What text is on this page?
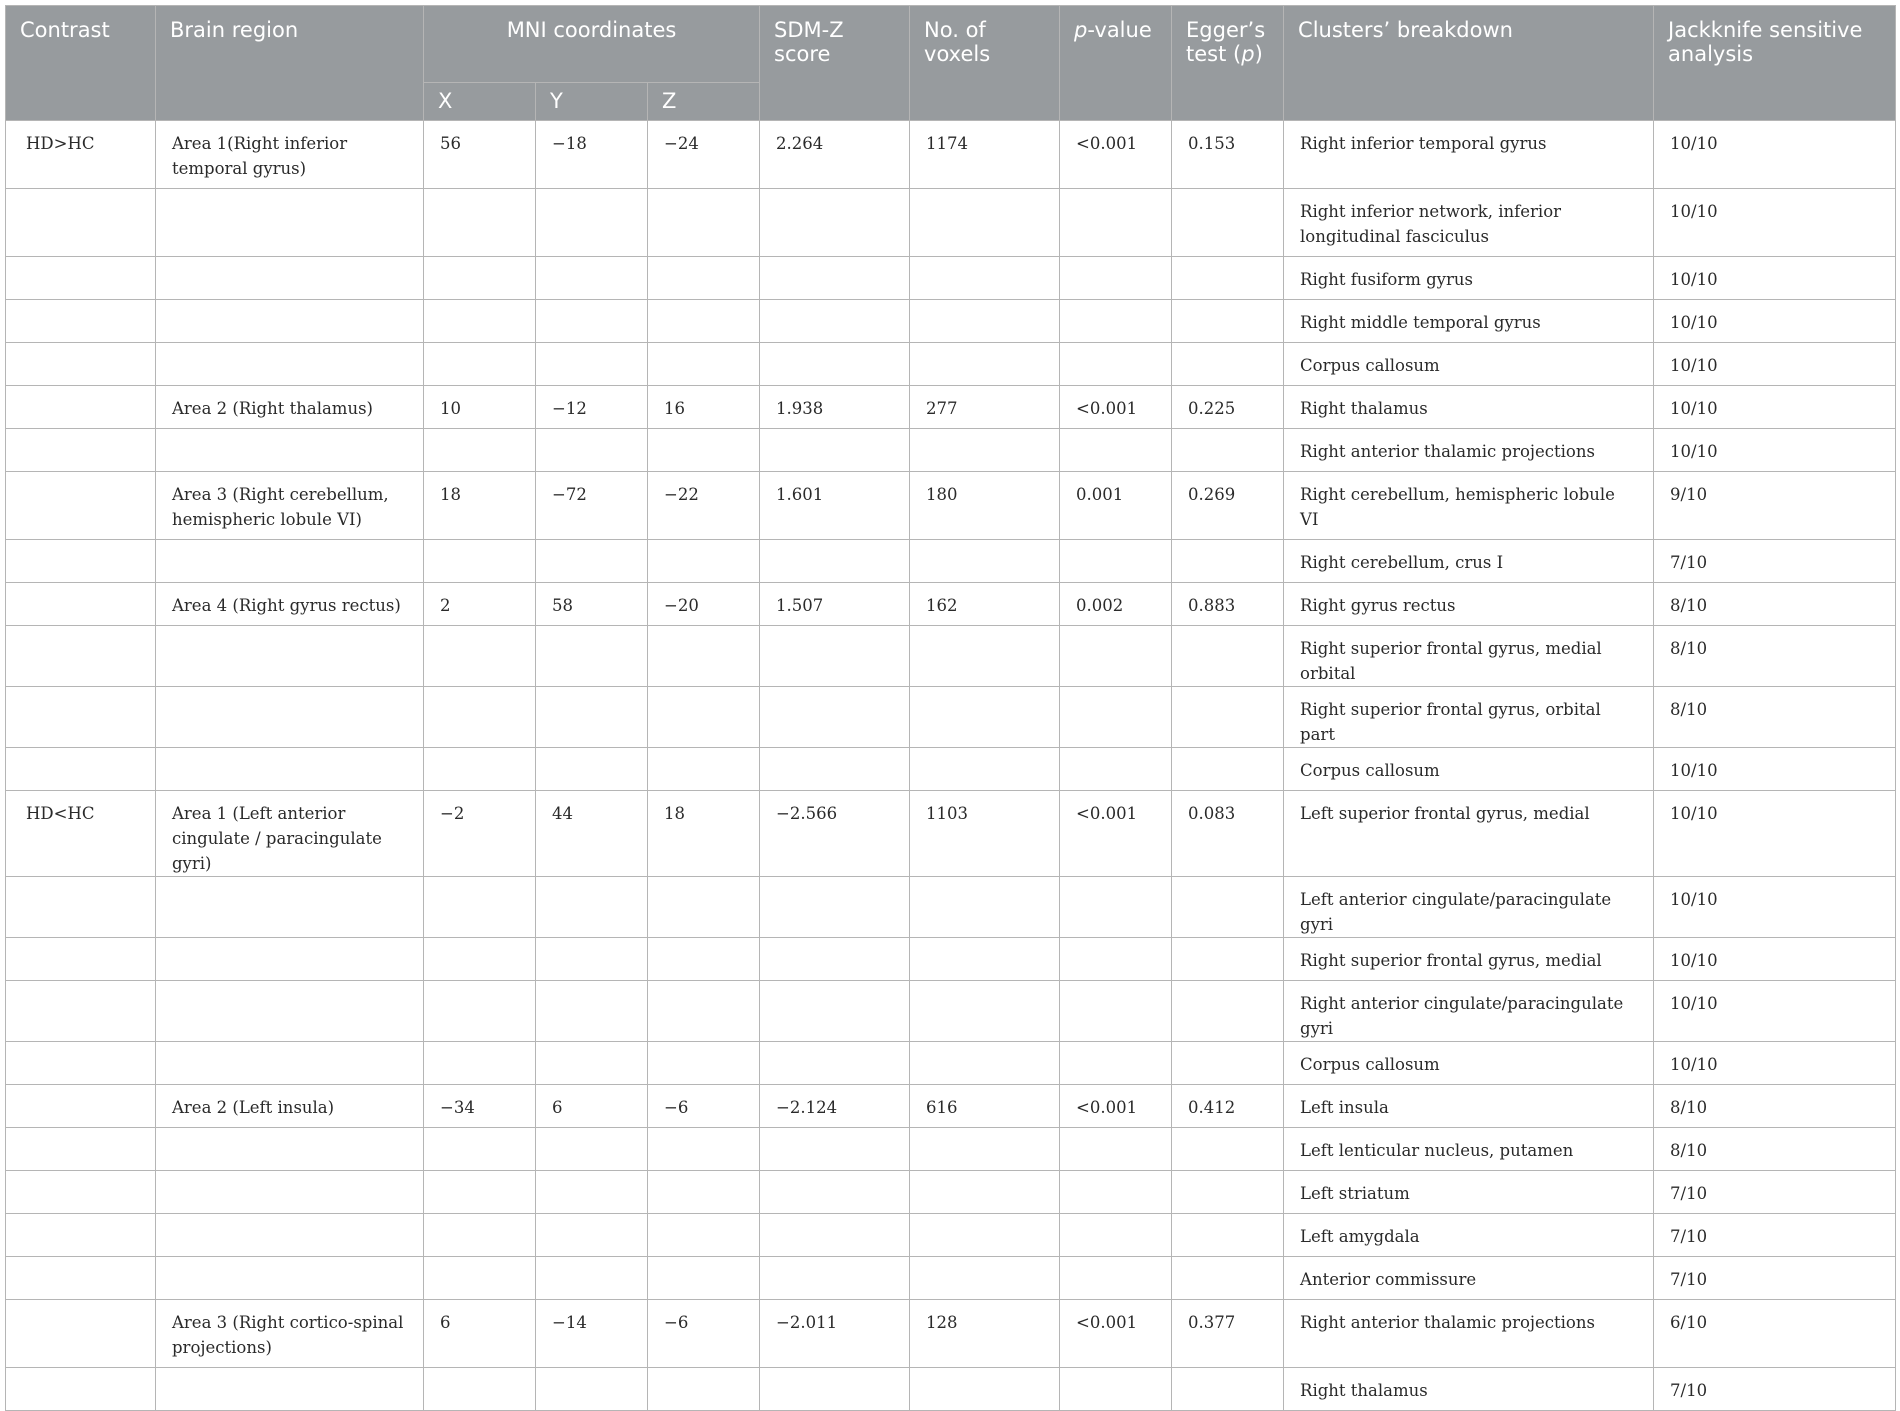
Contrast	Brain region	MNI coordinates			SDM-Z score	No. of voxels	p-value	Egger’s test (p)	Clusters’ breakdown	Jackknife sensitive analysis
		X	Y	Z						
HD>HC	Area 1(Right inferior temporal gyrus)	56	−18	−24	2.264	1174	<0.001	0.153	Right inferior temporal gyrus	10/10
									Right inferior network, inferior longitudinal fasciculus	10/10
									Right fusiform gyrus	10/10
									Right middle temporal gyrus	10/10
									Corpus callosum	10/10
	Area 2 (Right thalamus)	10	−12	16	1.938	277	<0.001	0.225	Right thalamus	10/10
									Right anterior thalamic projections	10/10
	Area 3 (Right cerebellum, hemispheric lobule VI)	18	−72	−22	1.601	180	0.001	0.269	Right cerebellum, hemispheric lobule VI	9/10
									Right cerebellum, crus I	7/10
	Area 4 (Right gyrus rectus)	2	58	−20	1.507	162	0.002	0.883	Right gyrus rectus	8/10
									Right superior frontal gyrus, medial orbital	8/10
									Right superior frontal gyrus, orbital part	8/10
									Corpus callosum	10/10
HD<HC	Area 1 (Left anterior cingulate / paracingulate gyri)	−2	44	18	−2.566	1103	<0.001	0.083	Left superior frontal gyrus, medial	10/10
									Left anterior cingulate/paracingulate gyri	10/10
									Right superior frontal gyrus, medial	10/10
									Right anterior cingulate/paracingulate gyri	10/10
									Corpus callosum	10/10
	Area 2 (Left insula)	−34	6	−6	−2.124	616	<0.001	0.412	Left insula	8/10
									Left lenticular nucleus, putamen	8/10
									Left striatum	7/10
									Left amygdala	7/10
									Anterior commissure	7/10
	Area 3 (Right cortico-spinal projections)	6	−14	−6	−2.011	128	<0.001	0.377	Right anterior thalamic projections	6/10
									Right thalamus	7/10
